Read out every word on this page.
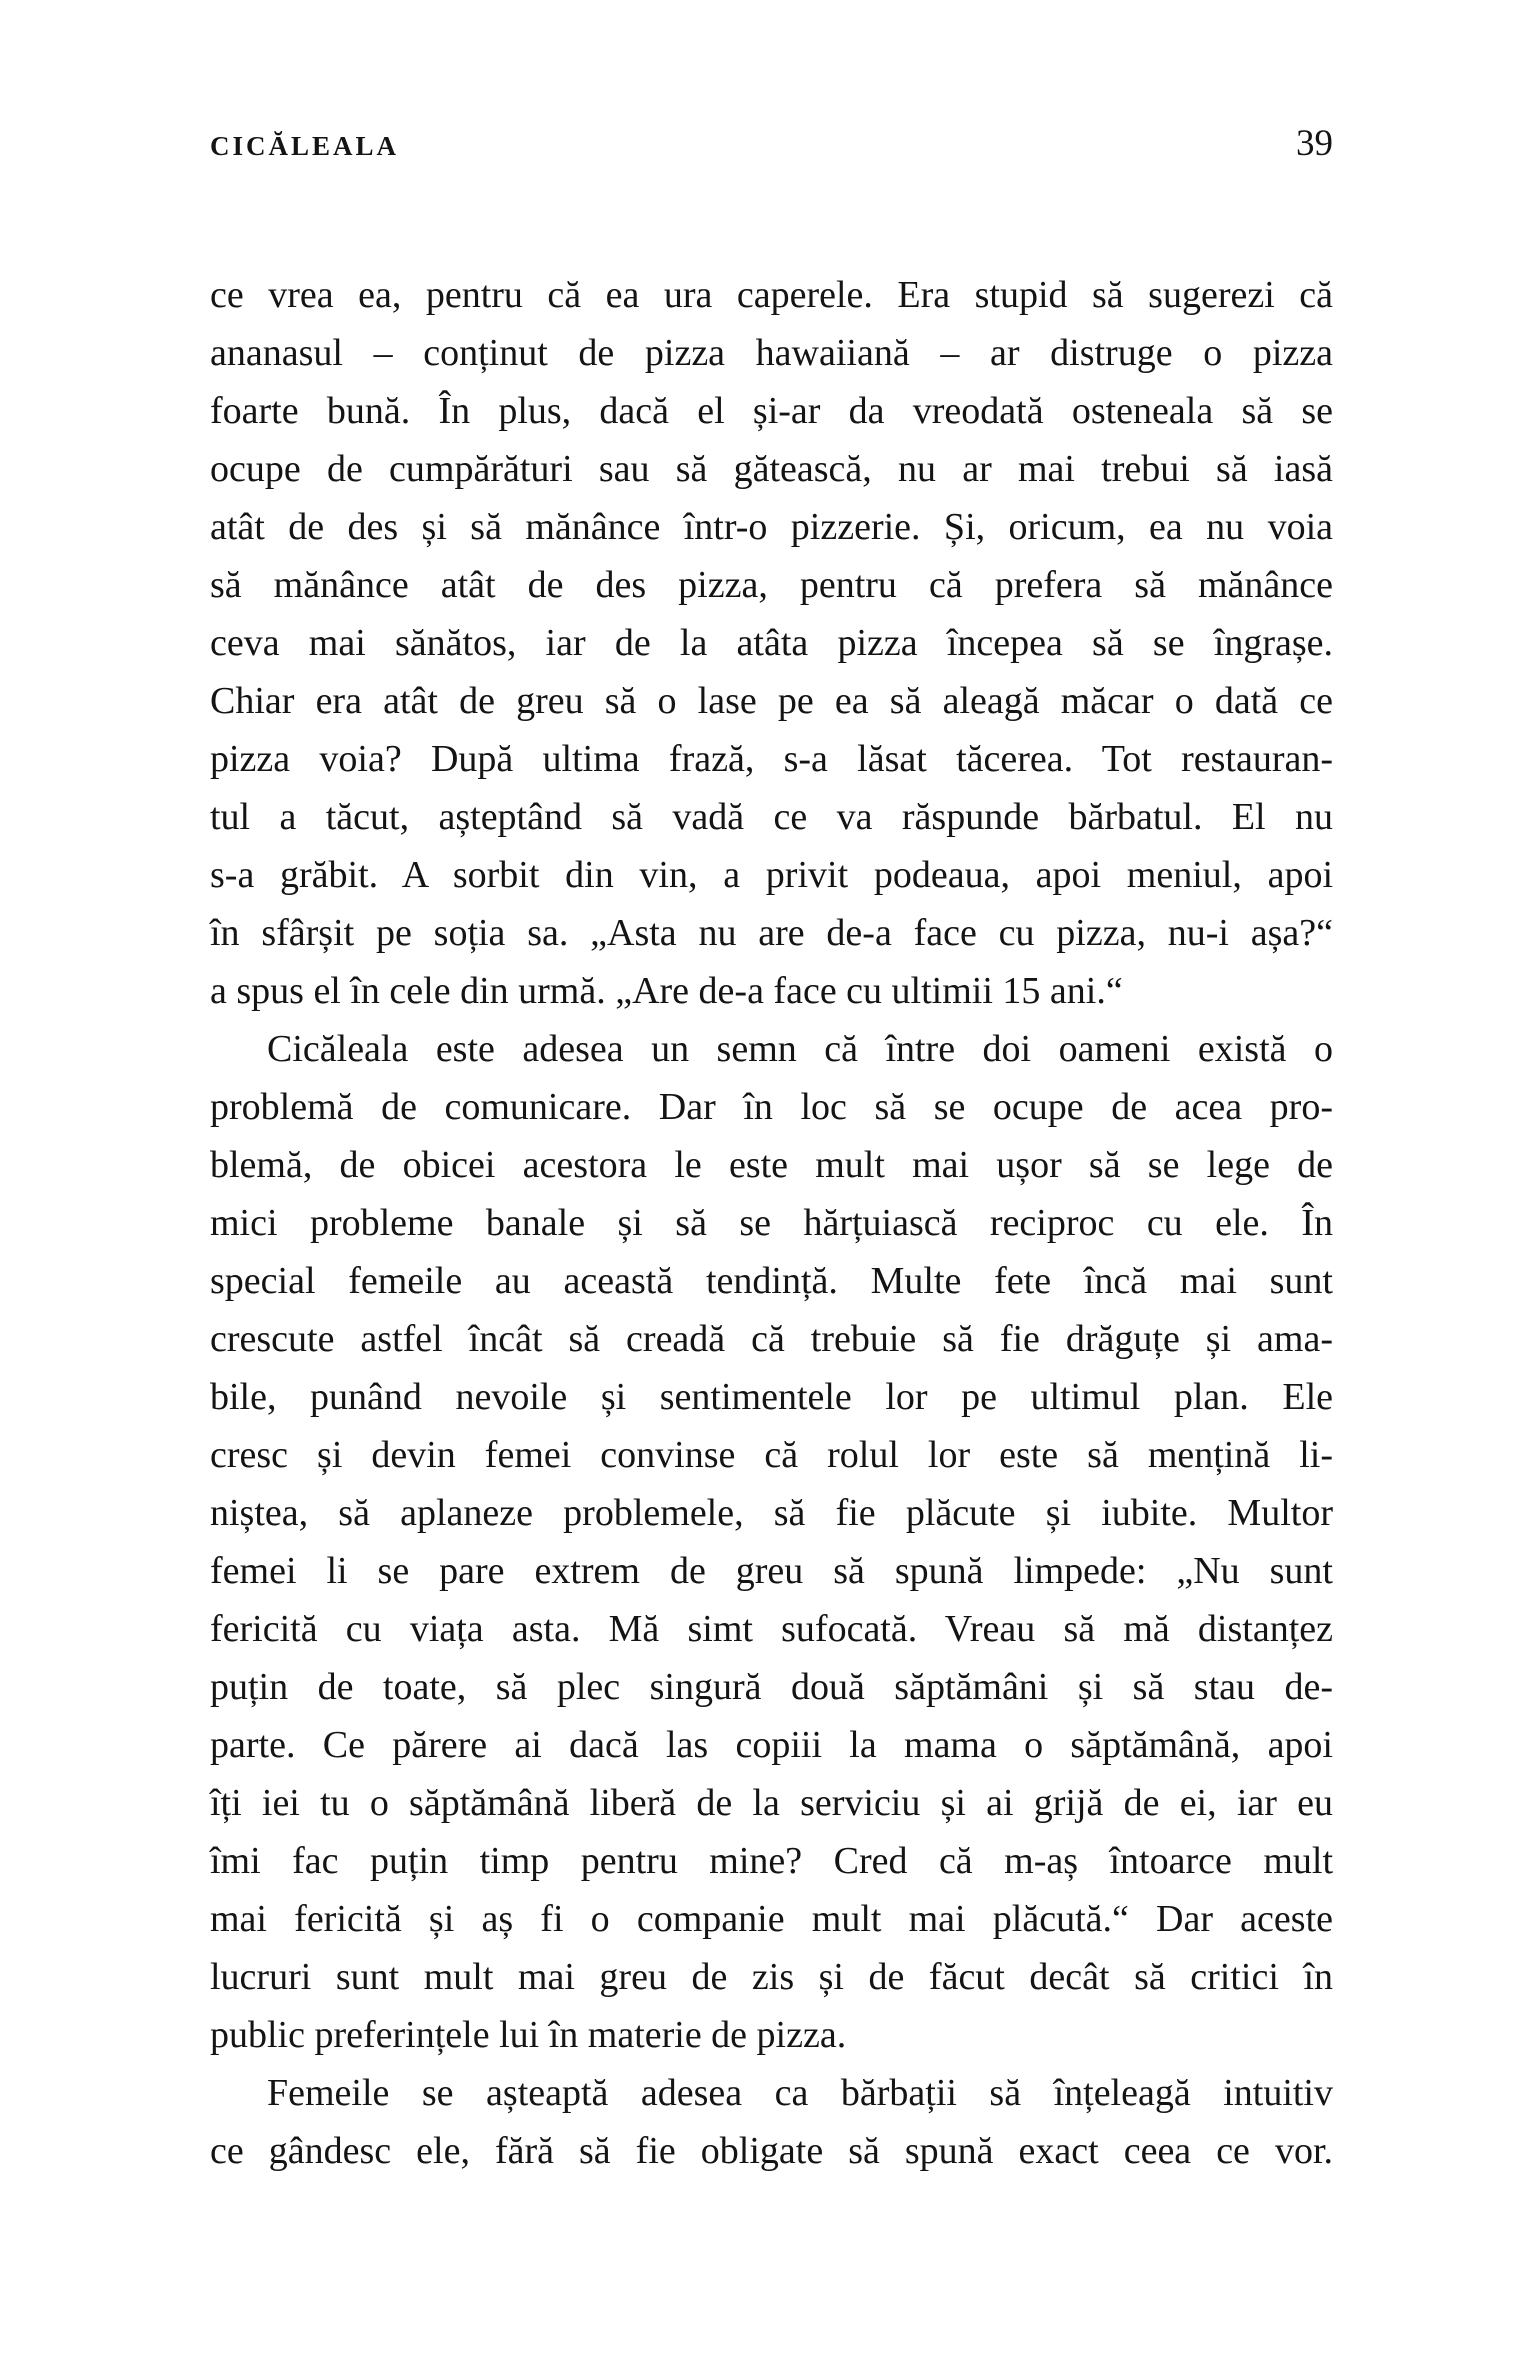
CICĂLEALA	39
ce vrea ea, pentru că ea ura caperele. Era stupid să sugerezi că
ananasul – conținut de pizza hawaiiană – ar distruge o pizza
foarte bună. În plus, dacă el și-ar da vreodată osteneala să se
ocupe de cumpărături sau să gătească, nu ar mai trebui să iasă
atât de des și să mănânce într-o pizzerie. Și, oricum, ea nu voia
să mănânce atât de des pizza, pentru că prefera să mănânce
ceva mai sănătos, iar de la atâta pizza începea să se îngrașe.
Chiar era atât de greu să o lase pe ea să aleagă măcar o dată ce
pizza voia? După ultima frază, s-a lăsat tăcerea. Tot restauran-
tul a tăcut, așteptând să vadă ce va răspunde bărbatul. El nu
s-a grăbit. A sorbit din vin, a privit podeaua, apoi meniul, apoi
în sfârșit pe soția sa. „Asta nu are de-a face cu pizza, nu-i așa?“
a spus el în cele din urmă. „Are de-a face cu ultimii 15 ani.“
Cicăleala este adesea un semn că între doi oameni există o
problemă de comunicare. Dar în loc să se ocupe de acea pro-
blemă, de obicei acestora le este mult mai ușor să se lege de
mici probleme banale și să se hărțuiască reciproc cu ele. În
special femeile au această tendință. Multe fete încă mai sunt
crescute astfel încât să creadă că trebuie să fie drăguțe și ama-
bile, punând nevoile și sentimentele lor pe ultimul plan. Ele
cresc și devin femei convinse că rolul lor este să mențină li-
niștea, să aplaneze problemele, să fie plăcute și iubite. Multor
femei li se pare extrem de greu să spună limpede: „Nu sunt
fericită cu viața asta. Mă simt sufocată. Vreau să mă distanțez
puțin de toate, să plec singură două săptămâni și să stau de-
parte. Ce părere ai dacă las copiii la mama o săptămână, apoi
îți iei tu o săptămână liberă de la serviciu și ai grijă de ei, iar eu
îmi fac puțin timp pentru mine? Cred că m-aș întoarce mult
mai fericită și aș fi o companie mult mai plăcută.“ Dar aceste
lucruri sunt mult mai greu de zis și de făcut decât să critici în
public preferințele lui în materie de pizza.
Femeile se așteaptă adesea ca bărbații să înțeleagă intuitiv
ce gândesc ele, fără să fie obligate să spună exact ceea ce vor.
